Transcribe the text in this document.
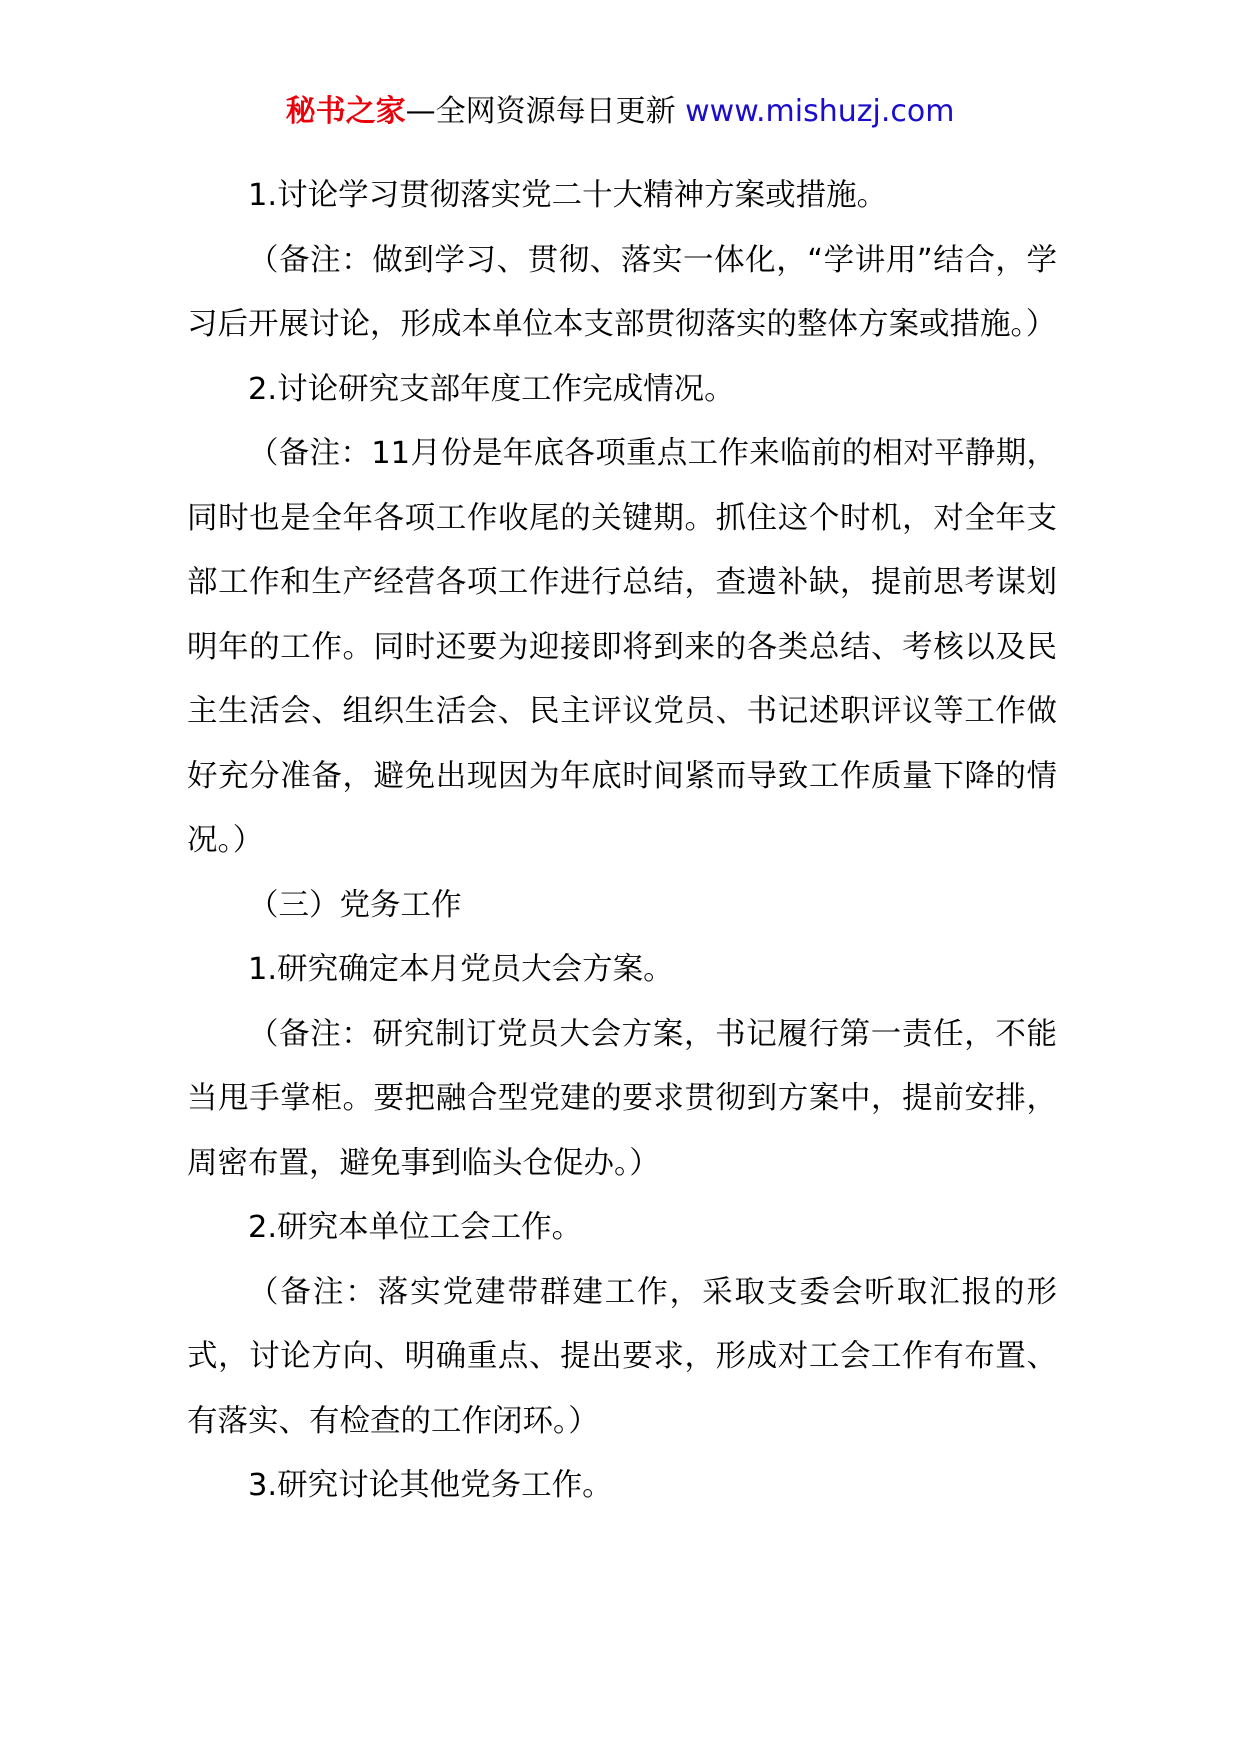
秘书之家—全网资源每日更新 www.mishuzj.com

1.讨论学习贯彻落实党二十大精神方案或措施。

（备注：做到学习、贯彻、落实一体化，“学讲用”结合，学习后开展讨论，形成本单位本支部贯彻落实的整体方案或措施。）

2.讨论研究支部年度工作完成情况。

（备注：11月份是年底各项重点工作来临前的相对平静期，同时也是全年各项工作收尾的关键期。抓住这个时机，对全年支部工作和生产经营各项工作进行总结，查遗补缺，提前思考谋划明年的工作。同时还要为迎接即将到来的各类总结、考核以及民主生活会、组织生活会、民主评议党员、书记述职评议等工作做好充分准备，避免出现因为年底时间紧而导致工作质量下降的情况。）

（三）党务工作

1.研究确定本月党员大会方案。

（备注：研究制订党员大会方案，书记履行第一责任，不能当甩手掌柜。要把融合型党建的要求贯彻到方案中，提前安排，周密布置，避免事到临头仓促办。）

2.研究本单位工会工作。

（备注：落实党建带群建工作，采取支委会听取汇报的形式，讨论方向、明确重点、提出要求，形成对工会工作有布置、有落实、有检查的工作闭环。）

3.研究讨论其他党务工作。
